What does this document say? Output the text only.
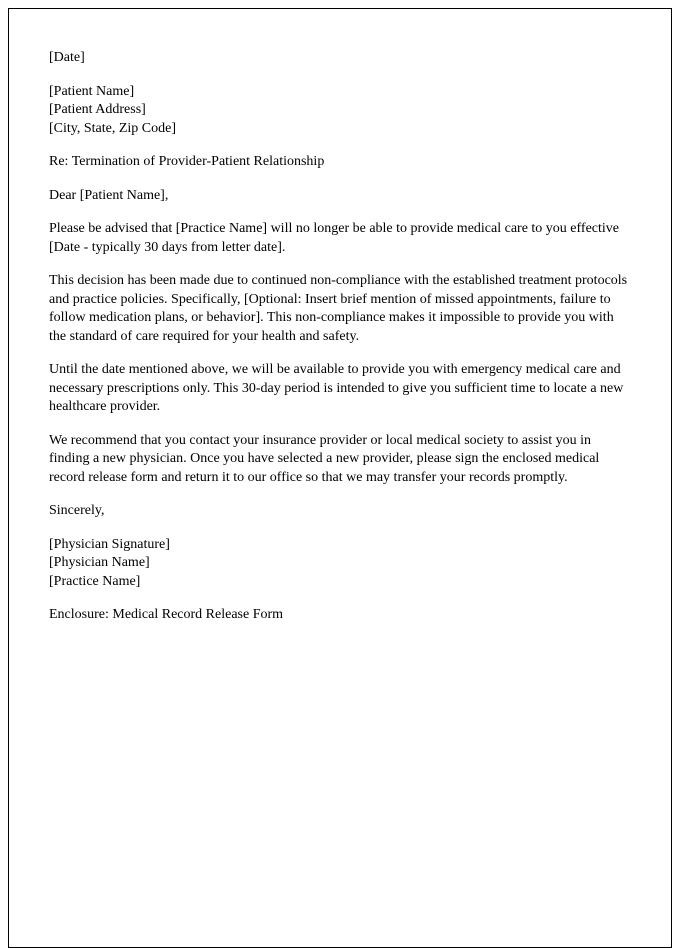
[Date]

[Patient Name]

[Patient Address]

[City, State, Zip Code]

Re: Termination of Provider-Patient Relationship

Dear [Patient Name],

Please be advised that [Practice Name] will no longer be able to provide medical care to you effective [Date - typically 30 days from letter date].

This decision has been made due to continued non-compliance with the established treatment protocols and practice policies. Specifically, [Optional: Insert brief mention of missed appointments, failure to follow medication plans, or behavior]. This non-compliance makes it impossible to provide you with the standard of care required for your health and safety.

Until the date mentioned above, we will be available to provide you with emergency medical care and necessary prescriptions only. This 30-day period is intended to give you sufficient time to locate a new healthcare provider.

We recommend that you contact your insurance provider or local medical society to assist you in finding a new physician. Once you have selected a new provider, please sign the enclosed medical record release form and return it to our office so that we may transfer your records promptly.

Sincerely,

[Physician Signature]

[Physician Name]

[Practice Name]

Enclosure: Medical Record Release Form
